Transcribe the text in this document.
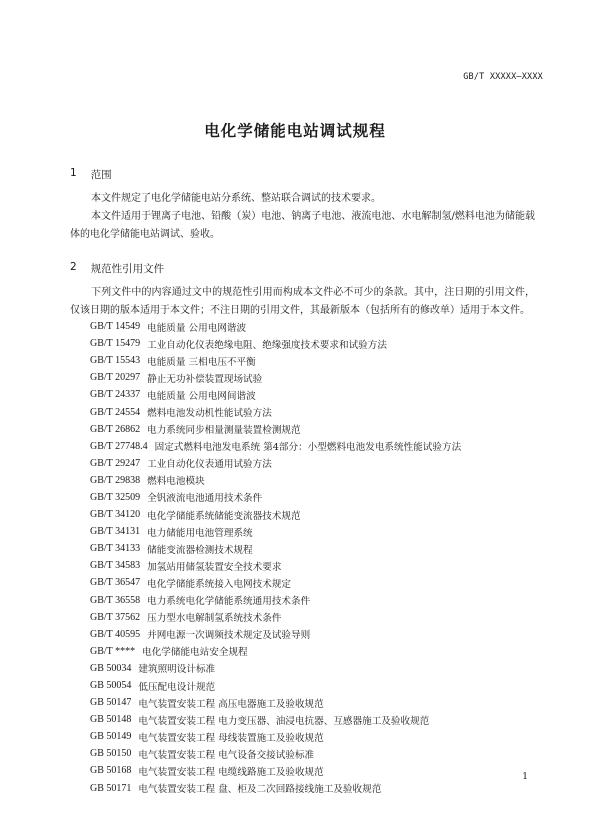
GB/T XXXXX—XXXX
电化学储能电站调试规程
1 范围
本文件规定了电化学储能电站分系统、整站联合调试的技术要求。
本文件适用于锂离子电池、铅酸（炭）电池、钠离子电池、液流电池、水电解制氢/燃料电池为储能载体的电化学储能电站调试、验收。
2 规范性引用文件
下列文件中的内容通过文中的规范性引用而构成本文件必不可少的条款。其中，注日期的引用文件，仅该日期的版本适用于本文件；不注日期的引用文件，其最新版本（包括所有的修改单）适用于本文件。
GB/T 14549 电能质量 公用电网谐波
GB/T 15479 工业自动化仪表绝缘电阻、绝缘强度技术要求和试验方法
GB/T 15543 电能质量 三相电压不平衡
GB/T 20297 静止无功补偿装置现场试验
GB/T 24337 电能质量 公用电网间谐波
GB/T 24554 燃料电池发动机性能试验方法
GB/T 26862 电力系统同步相量测量装置检测规范
GB/T 27748.4 固定式燃料电池发电系统 第4部分：小型燃料电池发电系统性能试验方法
GB/T 29247 工业自动化仪表通用试验方法
GB/T 29838 燃料电池模块
GB/T 32509 全钒液流电池通用技术条件
GB/T 34120 电化学储能系统储能变流器技术规范
GB/T 34131 电力储能用电池管理系统
GB/T 34133 储能变流器检测技术规程
GB/T 34583 加氢站用储氢装置安全技术要求
GB/T 36547 电化学储能系统接入电网技术规定
GB/T 36558 电力系统电化学储能系统通用技术条件
GB/T 37562 压力型水电解制氢系统技术条件
GB/T 40595 并网电源一次调频技术规定及试验导则
GB/T **** 电化学储能电站安全规程
GB 50034 建筑照明设计标准
GB 50054 低压配电设计规范
GB 50147 电气装置安装工程 高压电器施工及验收规范
GB 50148 电气装置安装工程 电力变压器、油浸电抗器、互感器施工及验收规范
GB 50149 电气装置安装工程 母线装置施工及验收规范
GB 50150 电气装置安装工程 电气设备交接试验标准
GB 50168 电气装置安装工程 电缆线路施工及验收规范
GB 50171 电气装置安装工程 盘、柜及二次回路接线施工及验收规范
1
